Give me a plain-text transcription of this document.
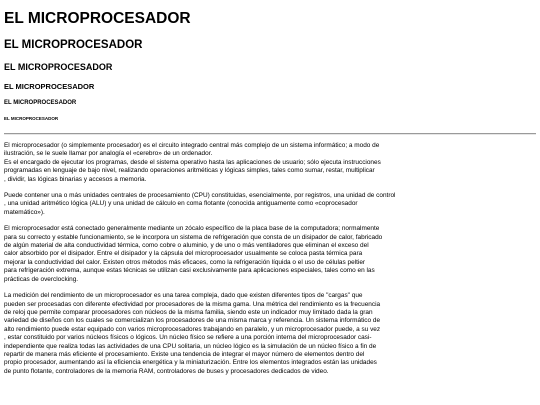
EL MICROPROCESADOR
EL MICROPROCESADOR
EL MICROPROCESADOR
EL MICROPROCESADOR
EL MICROPROCESADOR
EL MICROPROCESADOR

El microprocesador (o simplemente procesador) es el circuito integrado central más complejo de un sistema informático; a modo de
ilustración, se le suele llamar por analogía el «cerebro» de un ordenador.
Es el encargado de ejecutar los programas, desde el sistema operativo hasta las aplicaciones de usuario; sólo ejecuta instrucciones
programadas en lenguaje de bajo nivel, realizando operaciones aritméticas y lógicas simples, tales como sumar, restar, multiplicar
, dividir, las lógicas binarias y accesos a memoria.

Puede contener una o más unidades centrales de procesamiento (CPU) constituidas, esencialmente, por registros, una unidad de control
, una unidad aritmético lógica (ALU) y una unidad de cálculo en coma flotante (conocida antiguamente como «coprocesador
matemático»).

El microprocesador está conectado generalmente mediante un zócalo específico de la placa base de la computadora; normalmente
para su correcto y estable funcionamiento, se le incorpora un sistema de refrigeración que consta de un disipador de calor, fabricado
de algún material de alta conductividad térmica, como cobre o aluminio, y de uno o más ventiladores que eliminan el exceso del
calor absorbido por el disipador. Entre el disipador y la cápsula del microprocesador usualmente se coloca pasta térmica para
mejorar la conductividad del calor. Existen otros métodos más eficaces, como la refrigeración líquida o el uso de células peltier
para refrigeración extrema, aunque estas técnicas se utilizan casi exclusivamente para aplicaciones especiales, tales como en las
prácticas de overclocking.

La medición del rendimiento de un microprocesador es una tarea compleja, dado que existen diferentes tipos de "cargas" que
pueden ser procesadas con diferente efectividad por procesadores de la misma gama. Una métrica del rendimiento es la frecuencia
de reloj que permite comparar procesadores con núcleos de la misma familia, siendo este un indicador muy limitado dada la gran
variedad de diseños con los cuales se comercializan los procesadores de una misma marca y referencia. Un sistema informático de
alto rendimiento puede estar equipado con varios microprocesadores trabajando en paralelo, y un microprocesador puede, a su vez
, estar constituido por varios núcleos físicos o lógicos. Un núcleo físico se refiere a una porción interna del microprocesador casi-
independiente que realiza todas las actividades de una CPU solitaria, un núcleo lógico es la simulación de un núcleo físico a fin de
repartir de manera más eficiente el procesamiento. Existe una tendencia de integrar el mayor número de elementos dentro del
propio procesador, aumentando así la eficiencia energética y la miniaturización. Entre los elementos integrados están las unidades
de punto flotante, controladores de la memoria RAM, controladores de buses y procesadores dedicados de video.
